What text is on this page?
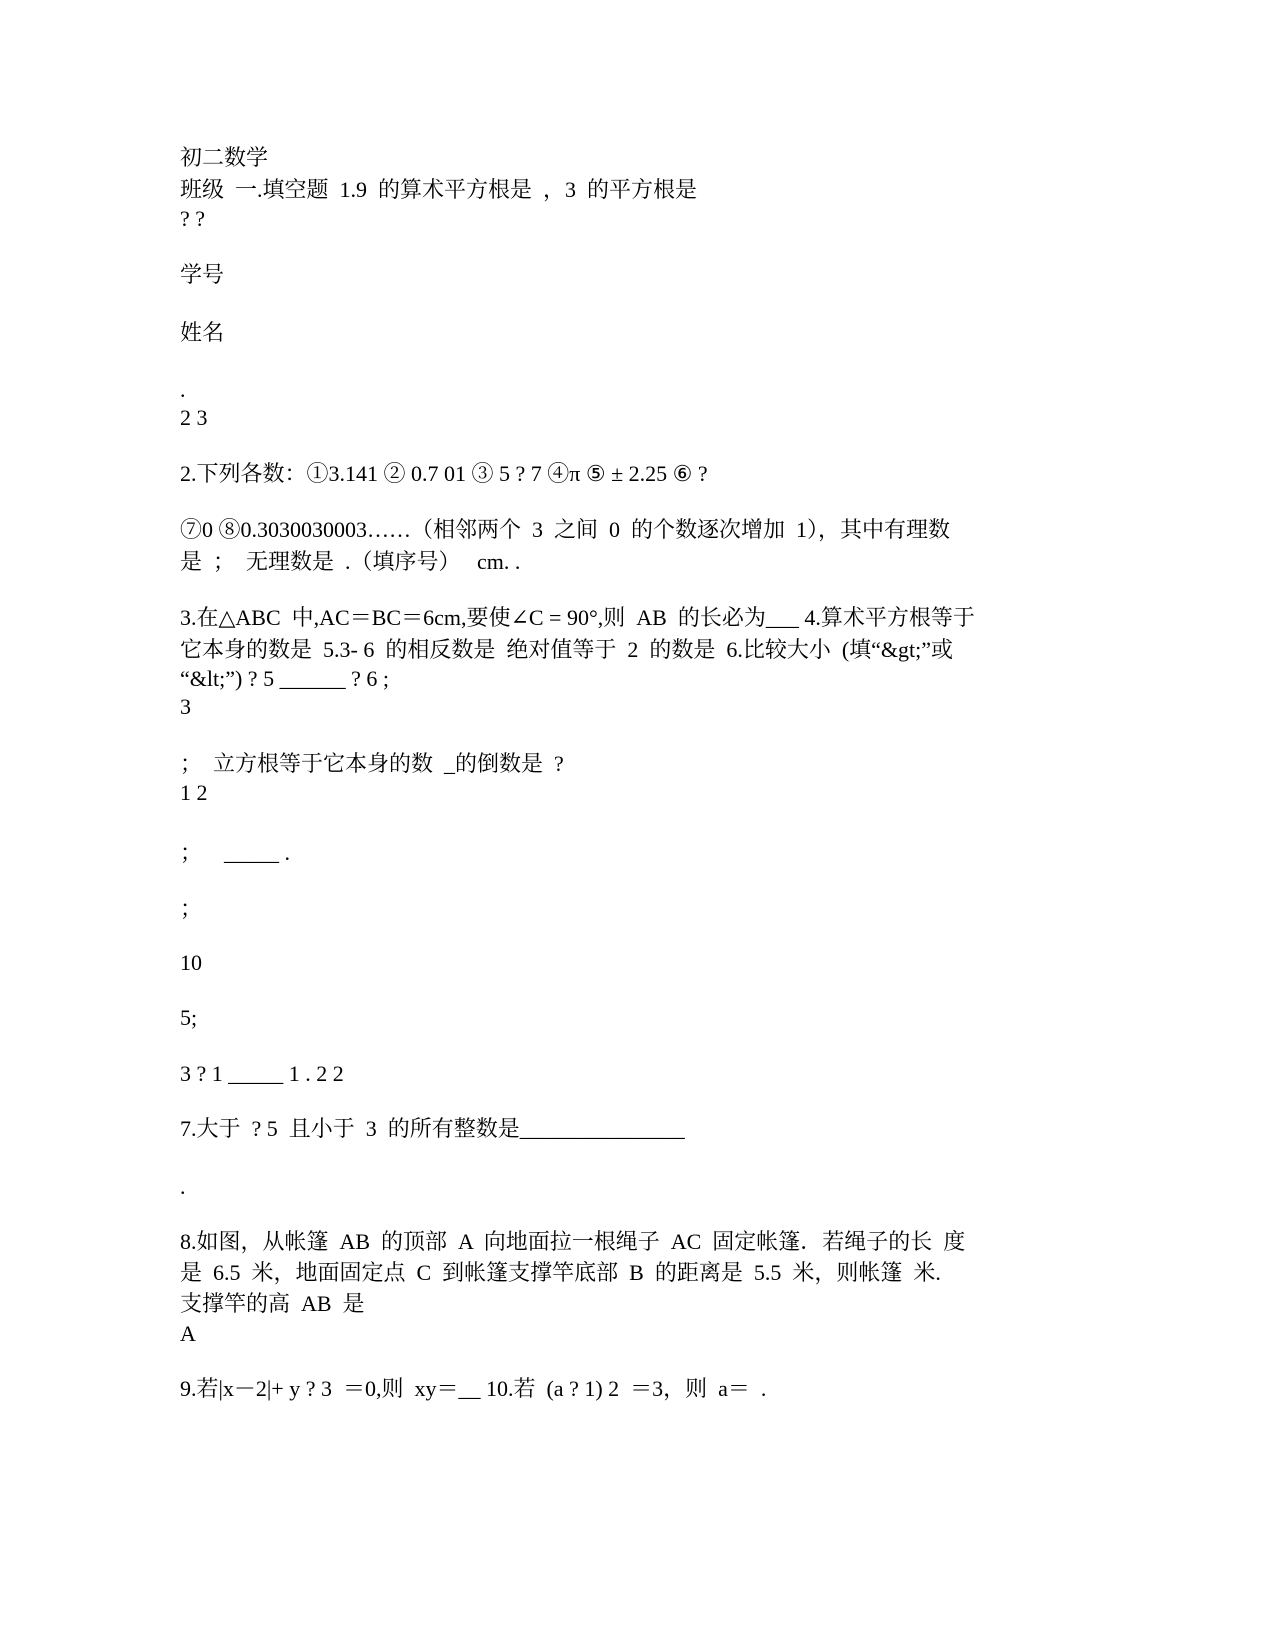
初二数学
班级  一.填空题  1.9  的算术平方根是  ，3  的平方根是
? ?
学号
姓名
.
2 3
2.下列各数：①3.141 ② 0.7 01 ③ 5 ? 7 ④π ⑤ ± 2.25 ⑥ ?
⑦0 ⑧0.3030030003……（相邻两个  3  之间  0  的个数逐次增加  1），其中有理数
是  ；  无理数是  .（填序号）   cm. .
3.在△ABC  中,AC＝BC＝6cm,要使∠C = 90°,则  AB  的长必为___ 4.算术平方根等于
它本身的数是  5.3- 6  的相反数是  绝对值等于  2  的数是  6.比较大小  (填“&gt;”或
“&lt;”) ? 5 ______ ? 6 ;
3
；  立方根等于它本身的数  _的倒数是  ?
1 2
；    _____ .
；
10
5;
3 ? 1 _____ 1 . 2 2
7.大于  ? 5  且小于  3  的所有整数是_______________
.
8.如图，从帐篷  AB  的顶部  A  向地面拉一根绳子  AC  固定帐篷．若绳子的长  度
是  6.5  米，地面固定点  C  到帐篷支撑竿底部  B  的距离是  5.5  米，则帐篷  米.
支撑竿的高  AB  是
A
9.若|x－2|+ y ? 3  ＝0,则  xy＝__ 10.若  (a ? 1) 2  ＝3，则  a＝  .
